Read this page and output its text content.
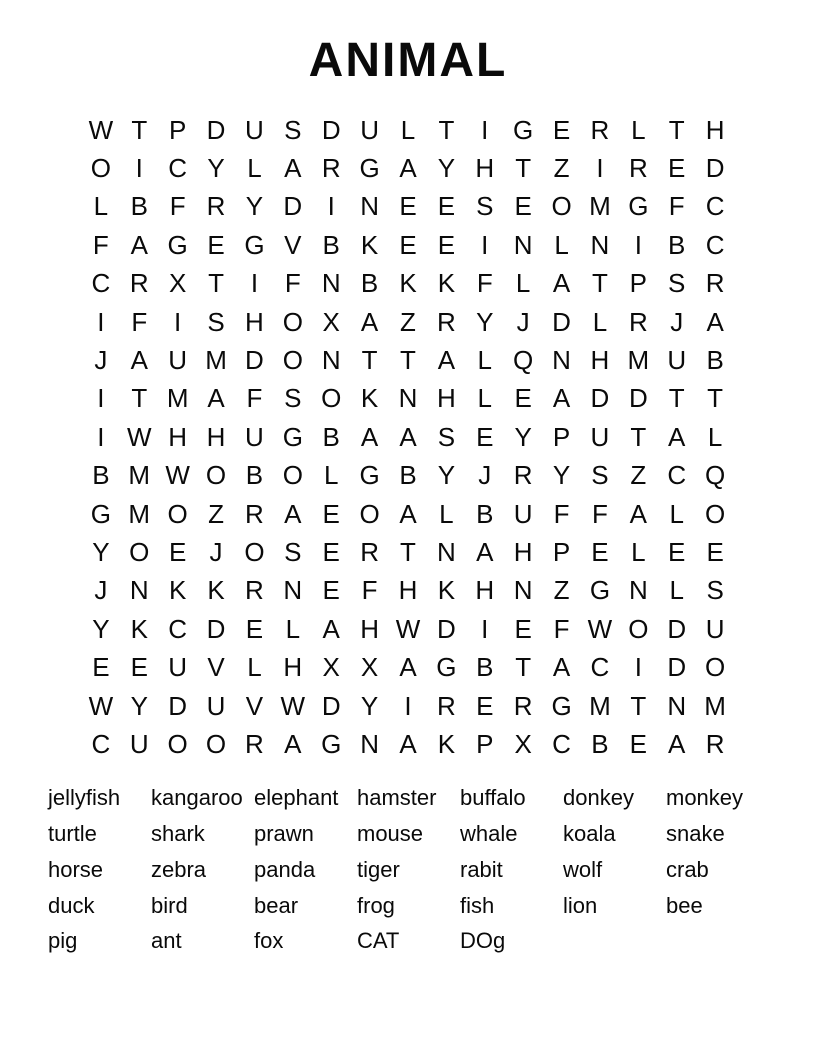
ANIMAL
W T P D U S D U L T	I G E R L T H
O I C Y L A R G A Y H T Z	I R E D
L B F R Y D I N E E S E O M G F C
F A G E G V B K E E	I N L N I	B C
C R X T	I	F N B K K F L A T P S R
I	F	I	S H O X A Z R Y J D L R J A
J A U M D O N T T A L Q N H M U B
I	T M A F S O K N H L E A D D T T
I W H H U G B A A S E Y P U T A L
B M W O B O L G B Y J R Y S Z C Q
G M O Z R A E O A L B U F F A L O
Y O E J O S E R T N A H P E L E E
J N K K R N E F H K H N Z G N L S
Y K C D E L A H W D I	E F W O D U
E E U V L H X X A G B T A C I D O
W Y D U V W D Y	I R E R G M T N M
C U O O R A G N A K P X C B E A R
jellyfish	kangaroo elephant hamster	buffalo	donkey	monkey
turtle	shark	prawn	mouse	whale	koala	snake
horse	zebra	panda	tiger	rabit	wolf	crab
duck	bird	bear	frog	fish	lion	bee
pig	ant	fox	CAT	DOg
